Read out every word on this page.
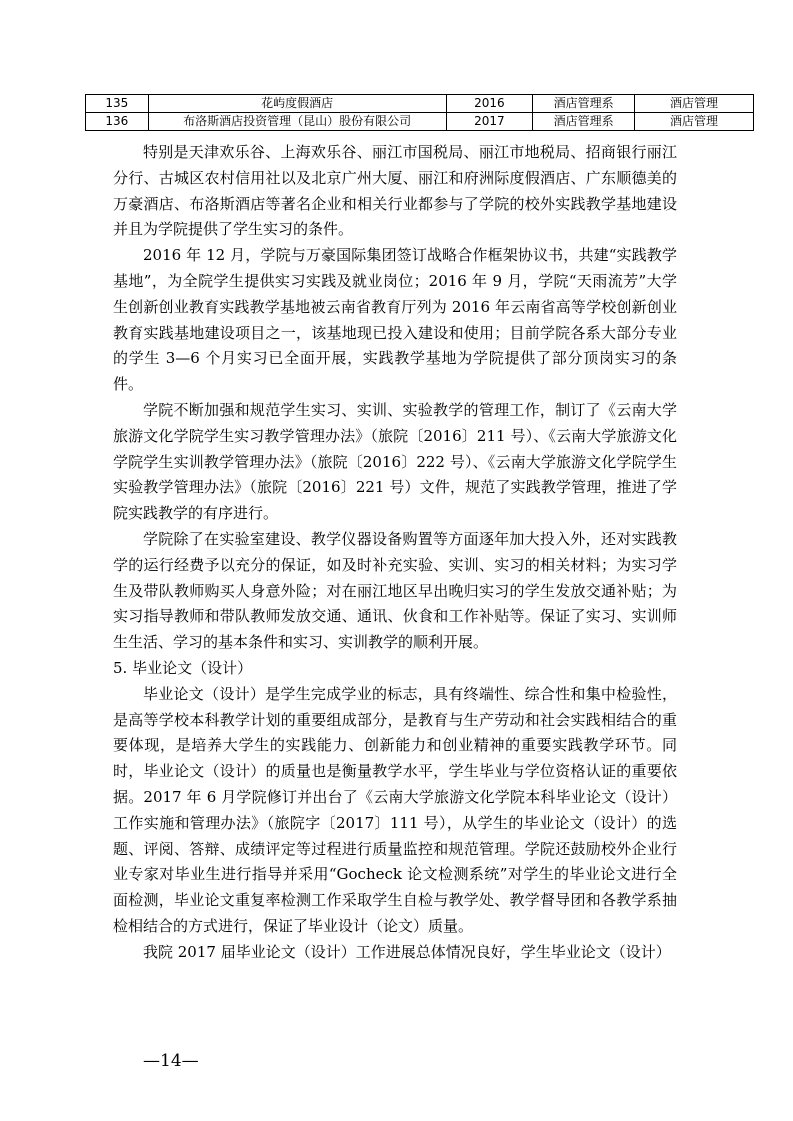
135	花屿度假酒店	2016	酒店管理系	酒店管理
136	布洛斯酒店投资管理（昆山）股份有限公司	2017	酒店管理系	酒店管理

特别是天津欢乐谷、上海欢乐谷、丽江市国税局、丽江市地税局、招商银行丽江分行、古城区农村信用社以及北京广州大厦、丽江和府洲际度假酒店、广东顺德美的万豪酒店、布洛斯酒店等著名企业和相关行业都参与了学院的校外实践教学基地建设并且为学院提供了学生实习的条件。

2016 年 12 月，学院与万豪国际集团签订战略合作框架协议书，共建“实践教学基地”，为全院学生提供实习实践及就业岗位；2016 年 9 月，学院“天雨流芳”大学生创新创业教育实践教学基地被云南省教育厅列为 2016 年云南省高等学校创新创业教育实践基地建设项目之一，该基地现已投入建设和使用；目前学院各系大部分专业的学生 3—6 个月实习已全面开展，实践教学基地为学院提供了部分顶岗实习的条件。

学院不断加强和规范学生实习、实训、实验教学的管理工作，制订了《云南大学旅游文化学院学生实习教学管理办法》（旅院〔2016〕211 号）、《云南大学旅游文化学院学生实训教学管理办法》（旅院〔2016〕222 号）、《云南大学旅游文化学院学生实验教学管理办法》（旅院〔2016〕221 号）文件，规范了实践教学管理，推进了学院实践教学的有序进行。

学院除了在实验室建设、教学仪器设备购置等方面逐年加大投入外，还对实践教学的运行经费予以充分的保证，如及时补充实验、实训、实习的相关材料；为实习学生及带队教师购买人身意外险；对在丽江地区早出晚归实习的学生发放交通补贴；为实习指导教师和带队教师发放交通、通讯、伙食和工作补贴等。保证了实习、实训师生生活、学习的基本条件和实习、实训教学的顺利开展。

5. 毕业论文（设计）

毕业论文（设计）是学生完成学业的标志，具有终端性、综合性和集中检验性，是高等学校本科教学计划的重要组成部分，是教育与生产劳动和社会实践相结合的重要体现，是培养大学生的实践能力、创新能力和创业精神的重要实践教学环节。同时，毕业论文（设计）的质量也是衡量教学水平，学生毕业与学位资格认证的重要依据。2017 年 6 月学院修订并出台了《云南大学旅游文化学院本科毕业论文（设计）工作实施和管理办法》（旅院字〔2017〕111 号），从学生的毕业论文（设计）的选题、评阅、答辩、成绩评定等过程进行质量监控和规范管理。学院还鼓励校外企业行业专家对毕业生进行指导并采用“Gocheck 论文检测系统”对学生的毕业论文进行全面检测，毕业论文重复率检测工作采取学生自检与教学处、教学督导团和各教学系抽检相结合的方式进行，保证了毕业设计（论文）质量。

我院 2017 届毕业论文（设计）工作进展总体情况良好，学生毕业论文（设计）

—14—
